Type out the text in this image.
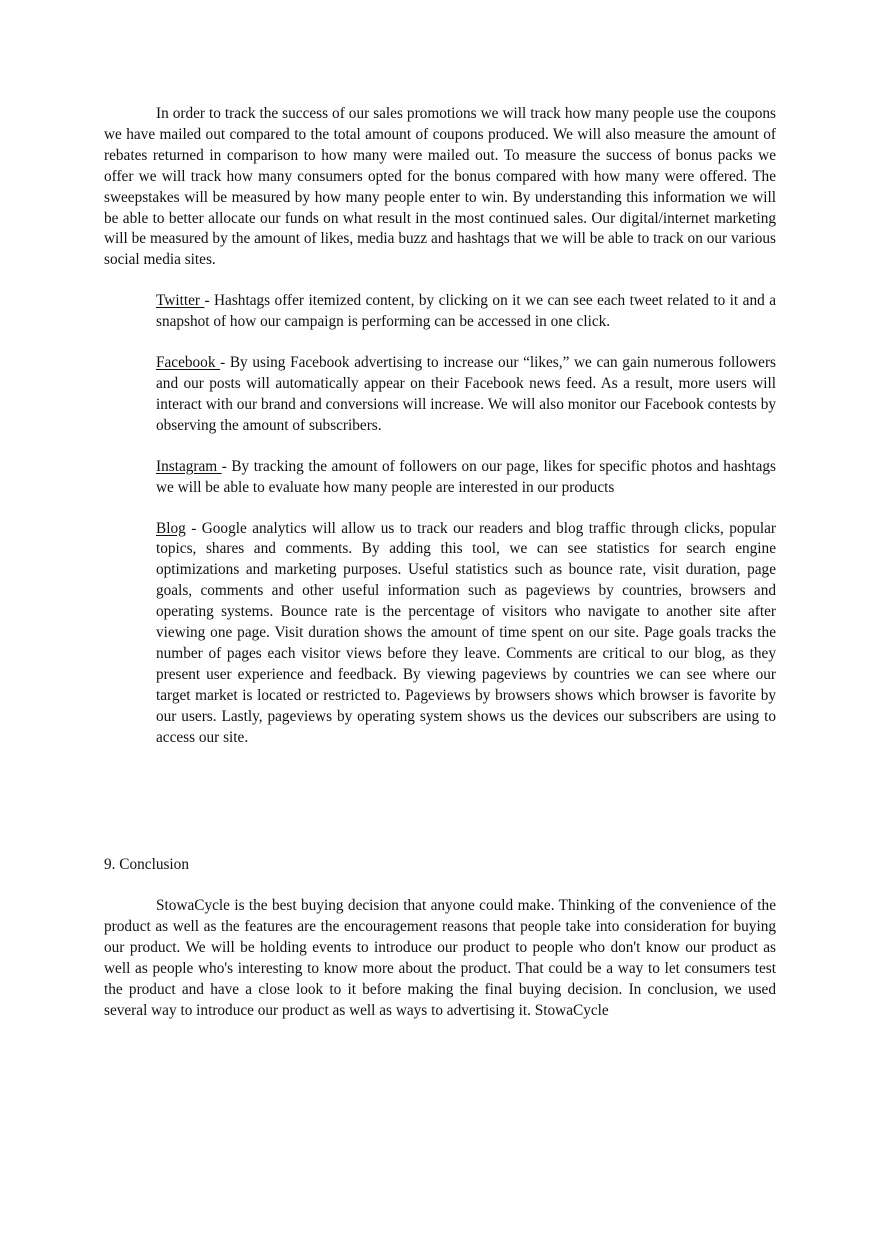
In order to track the success of our sales promotions we will track how many people use the coupons we have mailed out compared to the total amount of coupons produced. We will also measure the amount of rebates returned in comparison to how many were mailed out. To measure the success of bonus packs we offer we will track how many consumers opted for the bonus compared with how many were offered. The sweepstakes will be measured by how many people enter to win. By understanding this information we will be able to better allocate our funds on what result in the most continued sales. Our digital/internet marketing will be measured by the amount of likes, media buzz and hashtags that we will be able to track on our various social media sites.

Twitter - Hashtags offer itemized content, by clicking on it we can see each tweet related to it and a snapshot of how our campaign is performing can be accessed in one click.

Facebook - By using Facebook advertising to increase our “likes,” we can gain numerous followers and our posts will automatically appear on their Facebook news feed. As a result, more users will interact with our brand and conversions will increase. We will also monitor our Facebook contests by observing the amount of subscribers.

Instagram - By tracking the amount of followers on our page, likes for specific photos and hashtags we will be able to evaluate how many people are interested in our products

Blog - Google analytics will allow us to track our readers and blog traffic through clicks, popular topics, shares and comments. By adding this tool, we can see statistics for search engine optimizations and marketing purposes. Useful statistics such as bounce rate, visit duration, page goals, comments and other useful information such as pageviews by countries, browsers and operating systems. Bounce rate is the percentage of visitors who navigate to another site after viewing one page. Visit duration shows the amount of time spent on our site. Page goals tracks the number of pages each visitor views before they leave. Comments are critical to our blog, as they present user experience and feedback. By viewing pageviews by countries we can see where our target market is located or restricted to. Pageviews by browsers shows which browser is favorite by our users. Lastly, pageviews by operating system shows us the devices our subscribers are using to access our site.

9. Conclusion

StowaCycle is the best buying decision that anyone could make. Thinking of the convenience of the product as well as the features are the encouragement reasons that people take into consideration for buying our product. We will be holding events to introduce our product to people who don't know our product as well as people who's interesting to know more about the product. That could be a way to let consumers test the product and have a close look to it before making the final buying decision. In conclusion, we used several way to introduce our product as well as ways to advertising it. StowaCycle
